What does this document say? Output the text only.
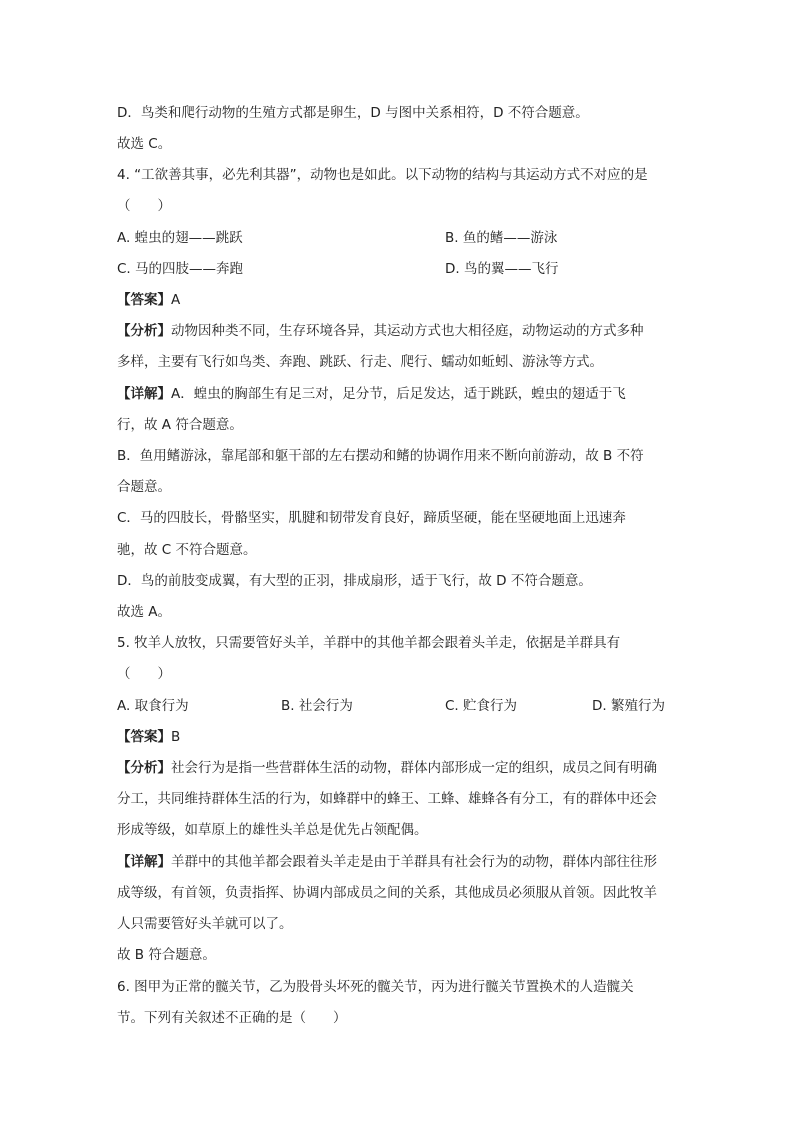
D．鸟类和爬行动物的生殖方式都是卵生，D 与图中关系相符，D 不符合题意。
故选 C。
4. “工欲善其事，必先利其器”，动物也是如此。以下动物的结构与其运动方式不对应的是
（　　）
A. 蝗虫的翅——跳跃	B. 鱼的鳍——游泳
C. 马的四肢——奔跑	D. 鸟的翼——飞行
【答案】A
【分析】动物因种类不同，生存环境各异，其运动方式也大相径庭，动物运动的方式多种
多样，主要有飞行如鸟类、奔跑、跳跃、行走、爬行、蠕动如蚯蚓、游泳等方式。
【详解】A．蝗虫的胸部生有足三对，足分节，后足发达，适于跳跃，蝗虫的翅适于飞
行，故 A 符合题意。
B．鱼用鳍游泳，靠尾部和躯干部的左右摆动和鳍的协调作用来不断向前游动，故 B 不符
合题意。
C．马的四肢长，骨骼坚实，肌腱和韧带发育良好，蹄质坚硬，能在坚硬地面上迅速奔
驰，故 C 不符合题意。
D．鸟的前肢变成翼，有大型的正羽，排成扇形，适于飞行，故 D 不符合题意。
故选 A。
5. 牧羊人放牧，只需要管好头羊，羊群中的其他羊都会跟着头羊走，依据是羊群具有
（　　）
A. 取食行为	B. 社会行为	C. 贮食行为	D. 繁殖行为
【答案】B
【分析】社会行为是指一些营群体生活的动物，群体内部形成一定的组织，成员之间有明确
分工，共同维持群体生活的行为，如蜂群中的蜂王、工蜂、雄蜂各有分工，有的群体中还会
形成等级，如草原上的雄性头羊总是优先占领配偶。
【详解】羊群中的其他羊都会跟着头羊走是由于羊群具有社会行为的动物，群体内部往往形
成等级，有首领，负责指挥、协调内部成员之间的关系，其他成员必须服从首领。因此牧羊
人只需要管好头羊就可以了。
故 B 符合题意。
6. 图甲为正常的髋关节，乙为股骨头坏死的髋关节，丙为进行髋关节置换术的人造髋关
节。下列有关叙述不正确的是（　　）
